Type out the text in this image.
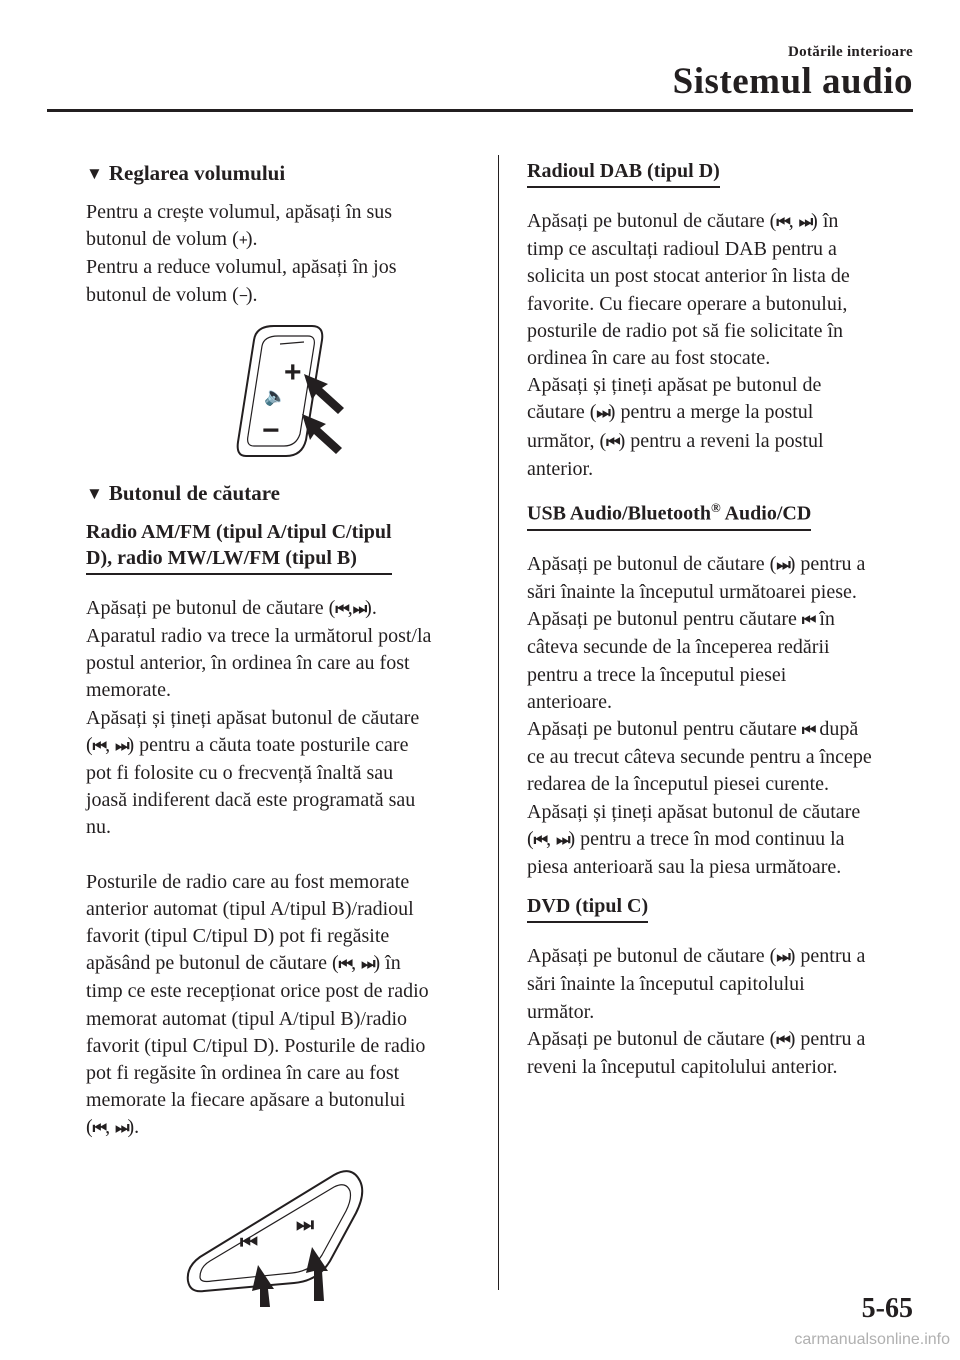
Dotările interioare
Sistemul audio
▼ Reglarea volumului

Pentru a crește volumul, apăsați în sus

butonul de volum (+).

Pentru a reduce volumul, apăsați în jos

butonul de volum (−).

+
🔈
−
▼ Butonul de căutare
Radio AM/FM (tipul A/tipul C/tipul
D), radio MW/LW/FM (tipul B)

Apăsați pe butonul de căutare (⏮,⏭).

Aparatul radio va trece la următorul post/la

postul anterior, în ordinea în care au fost

memorate.

Apăsați și țineți apăsat butonul de căutare

(⏮, ⏭) pentru a căuta toate posturile care

pot fi folosite cu o frecvență înaltă sau

joasă indiferent dacă este programată sau

nu.

Posturile de radio care au fost memorate

anterior automat (tipul A/tipul B)/radioul

favorit (tipul C/tipul D) pot fi regăsite

apăsând pe butonul de căutare (⏮, ⏭) în

timp ce este recepționat orice post de radio

memorat automat (tipul A/tipul B)/radio

favorit (tipul C/tipul D). Posturile de radio

pot fi regăsite în ordinea în care au fost

memorate la fiecare apăsare a butonului

(⏮, ⏭).

⏮
⏭
Radioul DAB (tipul D)

Apăsați pe butonul de căutare (⏮, ⏭) în

timp ce ascultați radioul DAB pentru a

solicita un post stocat anterior în lista de

favorite. Cu fiecare operare a butonului,

posturile de radio pot să fie solicitate în

ordinea în care au fost stocate.

Apăsați și țineți apăsat pe butonul de

căutare (⏭) pentru a merge la postul

următor, (⏮) pentru a reveni la postul

anterior.

USB Audio/Bluetooth® Audio/CD

Apăsați pe butonul de căutare (⏭) pentru a

sări înainte la începutul următoarei piese.

Apăsați pe butonul pentru căutare ⏮ în

câteva secunde de la începerea redării

pentru a trece la începutul piesei

anterioare.

Apăsați pe butonul pentru căutare ⏮ după

ce au trecut câteva secunde pentru a începe

redarea de la începutul piesei curente.

Apăsați și țineți apăsat butonul de căutare

(⏮, ⏭) pentru a trece în mod continuu la

piesa anterioară sau la piesa următoare.

DVD (tipul C)

Apăsați pe butonul de căutare (⏭) pentru a

sări înainte la începutul capitolului

următor.

Apăsați pe butonul de căutare (⏮) pentru a

reveni la începutul capitolului anterior.

5-65
carmanualsonline.info
